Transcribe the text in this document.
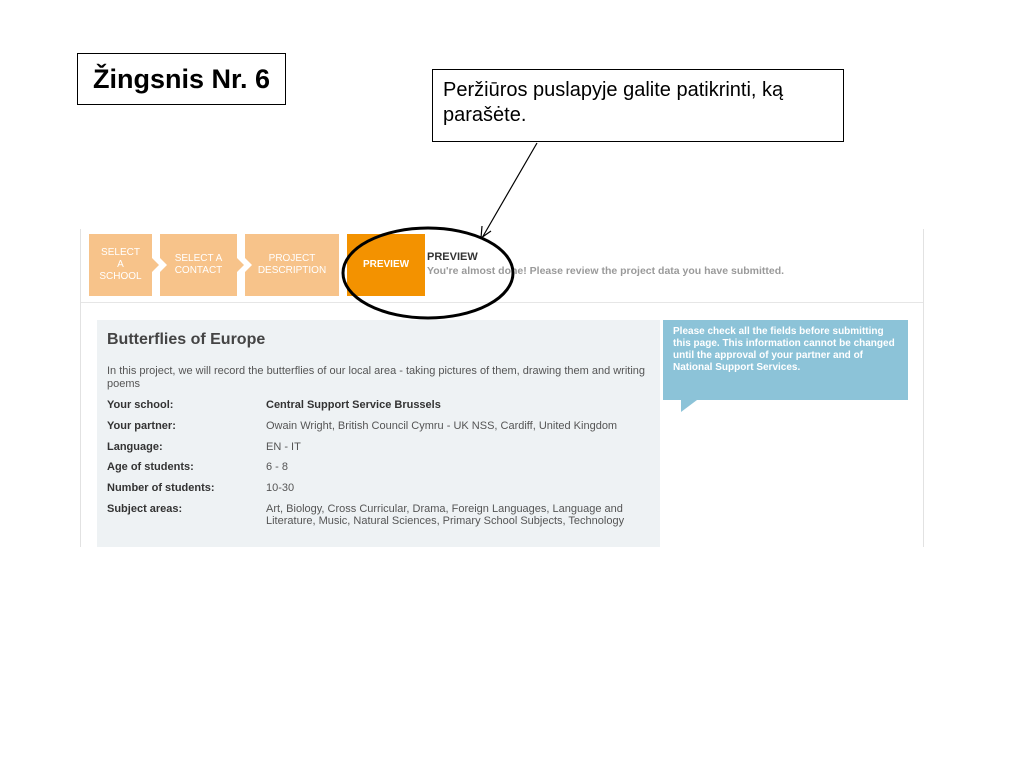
Žingsnis Nr. 6	Peržiūros puslapyje galite patikrinti, ką parašėte.
SELECT A SCHOOL
SELECT A CONTACT
PROJECT DESCRIPTION
PREVIEW
PREVIEW
You're almost done! Please review the project data you have submitted.
Butterflies of Europe
In this project, we will record the butterflies of our local area - taking pictures of them, drawing them and writing poems
Your school:	Central Support Service Brussels
Your partner:	Owain Wright, British Council Cymru - UK NSS, Cardiff, United Kingdom
Language:	EN - IT
Age of students:	6 - 8
Number of students:	10-30
Subject areas:	Art, Biology, Cross Curricular, Drama, Foreign Languages, Language and Literature, Music, Natural Sciences, Primary School Subjects, Technology
Please check all the fields before submitting this page. This information cannot be changed until the approval of your partner and of National Support Services.
